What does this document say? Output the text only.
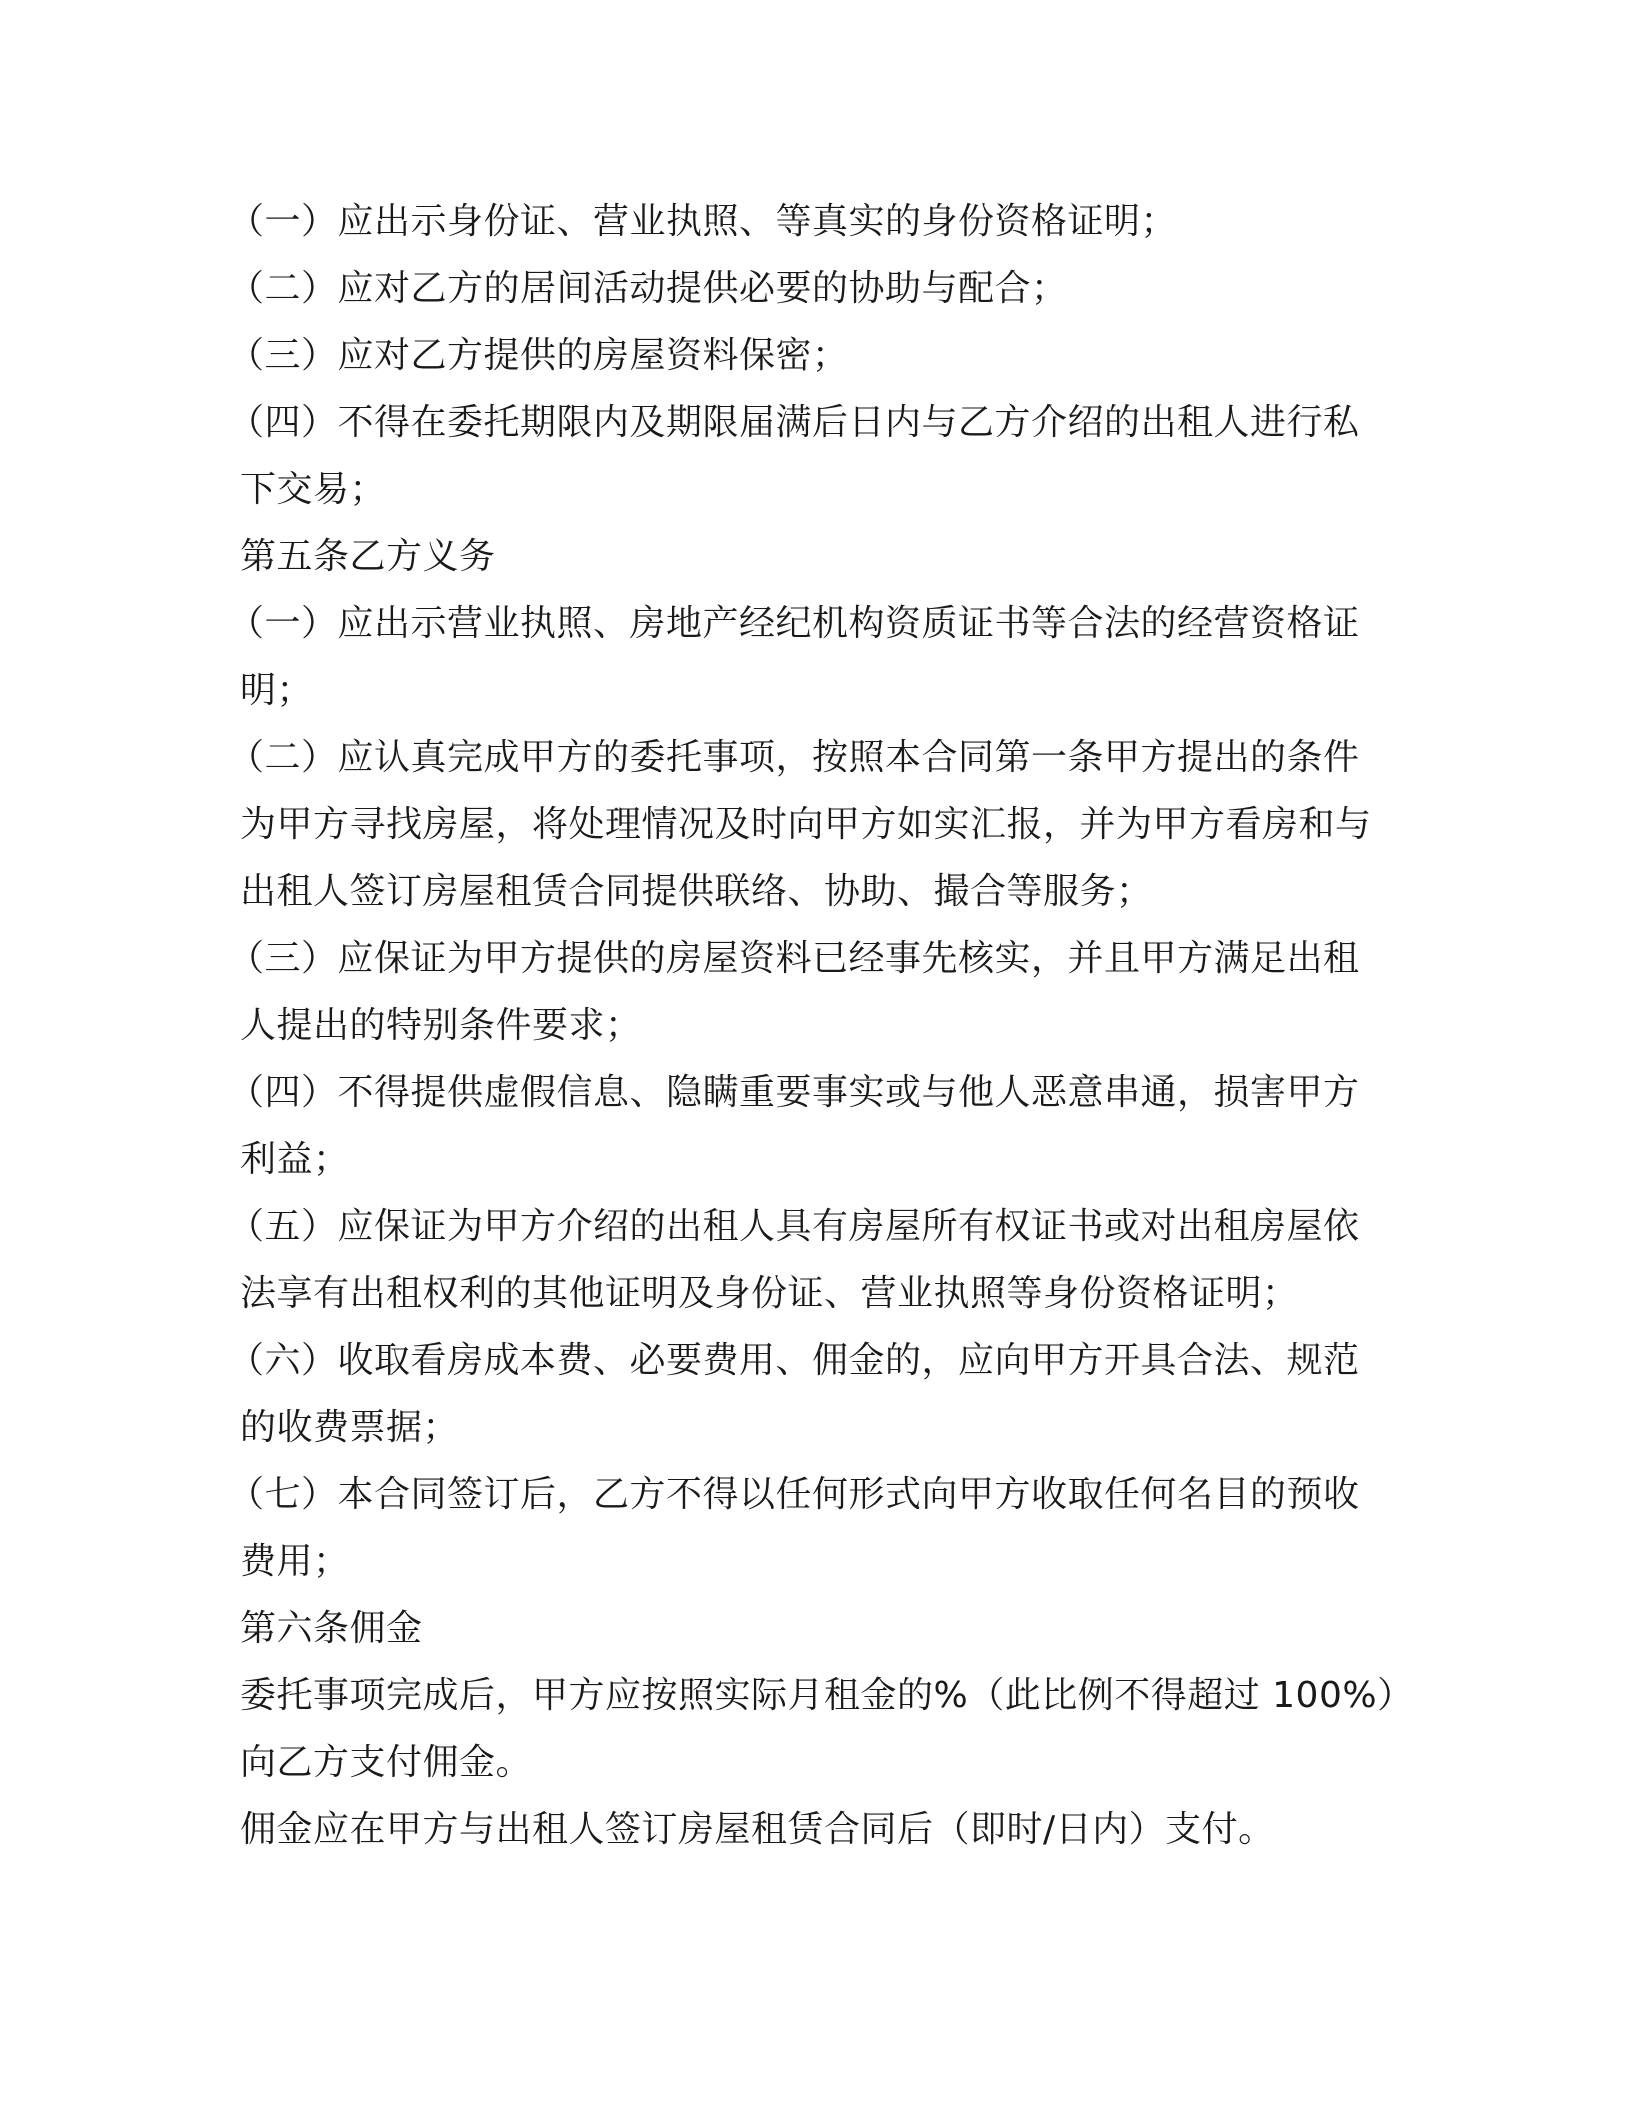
（一）应出示身份证、营业执照、等真实的身份资格证明；
（二）应对乙方的居间活动提供必要的协助与配合；
（三）应对乙方提供的房屋资料保密；
（四）不得在委托期限内及期限届满后日内与乙方介绍的出租人进行私
下交易；
第五条乙方义务
（一）应出示营业执照、房地产经纪机构资质证书等合法的经营资格证
明；
（二）应认真完成甲方的委托事项，按照本合同第一条甲方提出的条件
为甲方寻找房屋，将处理情况及时向甲方如实汇报，并为甲方看房和与
出租人签订房屋租赁合同提供联络、协助、撮合等服务；
（三）应保证为甲方提供的房屋资料已经事先核实，并且甲方满足出租
人提出的特别条件要求；
（四）不得提供虚假信息、隐瞒重要事实或与他人恶意串通，损害甲方
利益；
（五）应保证为甲方介绍的出租人具有房屋所有权证书或对出租房屋依
法享有出租权利的其他证明及身份证、营业执照等身份资格证明；
（六）收取看房成本费、必要费用、佣金的，应向甲方开具合法、规范
的收费票据；
（七）本合同签订后，乙方不得以任何形式向甲方收取任何名目的预收
费用；
第六条佣金
委托事项完成后，甲方应按照实际月租金的%（此比例不得超过 100%）
向乙方支付佣金。
佣金应在甲方与出租人签订房屋租赁合同后（即时/日内）支付。
